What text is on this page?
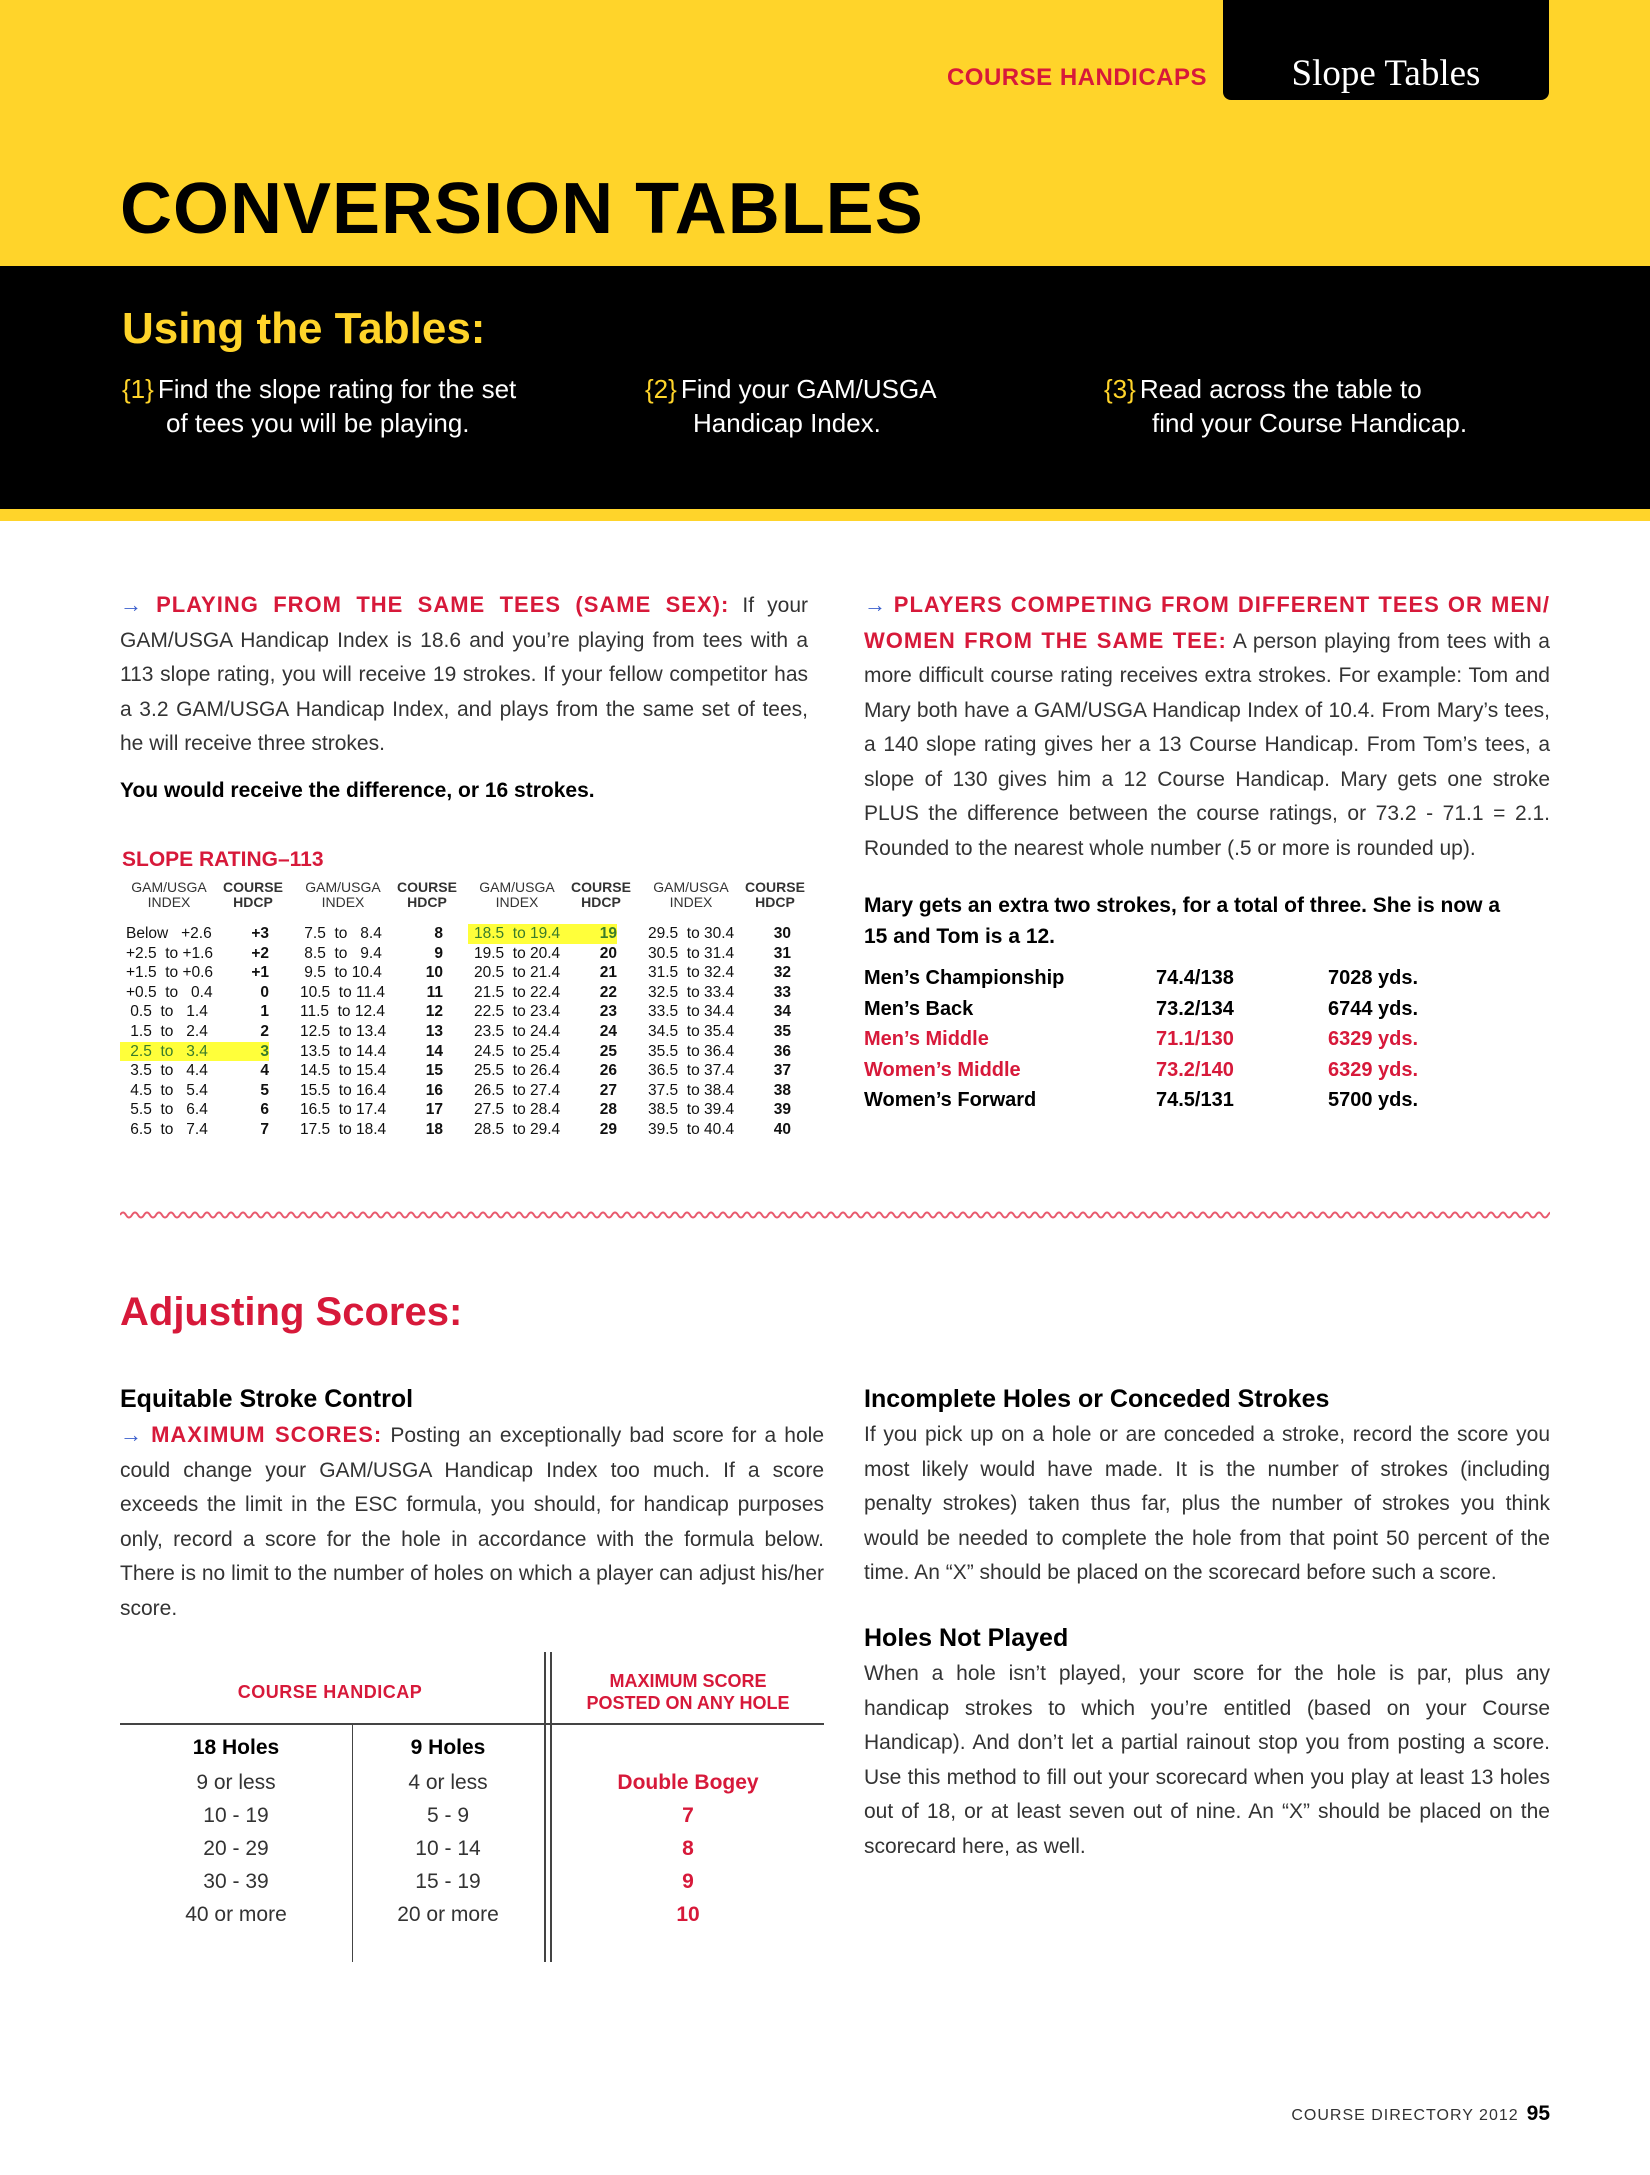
Slope Tables
COURSE HANDICAPS
CONVERSION TABLES
Using the Tables:
{1} Find the slope rating for the set
of tees you will be playing.
{2} Find your GAM/USGA
Handicap Index.
{3} Read across the table to
find your Course Handicap.
→ PLAYING FROM THE SAME TEES (SAME SEX): If your GAM/USGA Handicap Index is 18.6 and you’re playing from tees with a 113 slope rating, you will receive 19 strokes. If your fellow competitor has a 3.2 GAM/USGA Handicap Index, and plays from the same set of tees, he will receive three strokes.
You would receive the difference, or 16 strokes.
SLOPE RATING–113
GAM/USGA
INDEX
COURSE
HDCP
Below   +2.6	+3
+2.5  to +1.6 +2
+1.5  to +0.6 +1
+0.5  to   0.4	0
0.5  to   1.4	1
1.5  to   2.4	2
2.5  to   3.4	3
3.5  to   4.4	4
4.5  to   5.4	5
5.5  to   6.4	6
6.5  to   7.4	7
GAM/USGA
INDEX
COURSE
HDCP
7.5  to   8.4	8
8.5  to   9.4	9
9.5  to 10.4	10
10.5  to 11.4	11
11.5  to 12.4	12
12.5  to 13.4	13
13.5  to 14.4	14
14.5  to 15.4	15
15.5  to 16.4	16
16.5  to 17.4	17
17.5  to 18.4	18
GAM/USGA
INDEX
COURSE
HDCP
18.5  to 19.4	19
19.5  to 20.4	20
20.5  to 21.4	21
21.5  to 22.4	22
22.5  to 23.4	23
23.5  to 24.4	24
24.5  to 25.4	25
25.5  to 26.4	26
26.5  to 27.4	27
27.5  to 28.4	28
28.5  to 29.4	29
GAM/USGA
INDEX
COURSE
HDCP
29.5  to 30.4	30
30.5  to 31.4	31
31.5  to 32.4	32
32.5  to 33.4	33
33.5  to 34.4	34
34.5  to 35.4	35
35.5  to 36.4	36
36.5  to 37.4	37
37.5  to 38.4	38
38.5  to 39.4	39
39.5  to 40.4	40
→ PLAYERS COMPETING FROM DIFFERENT TEES OR MEN/ WOMEN FROM THE SAME TEE: A person playing from tees with a more difficult course rating receives extra strokes. For example: Tom and Mary both have a GAM/USGA Handicap Index of 10.4. From Mary’s tees, a 140 slope rating gives her a 13 Course Handicap. From Tom’s tees, a slope of 130 gives him a 12 Course Handicap. Mary gets one stroke PLUS the difference between the course ratings, or 73.2 - 71.1 = 2.1. Rounded to the nearest whole number (.5 or more is rounded up).
Mary gets an extra two strokes, for a total of three. She is now a 15 and Tom is a 12.
Men’s Championship	74.4/138	7028 yds.
Men’s Back	73.2/134	6744 yds.
Men’s Middle	71.1/130	6329 yds.
Women’s Middle	73.2/140	6329 yds.
Women’s Forward	74.5/131	5700 yds.
Adjusting Scores:
Equitable Stroke Control
→ MAXIMUM SCORES: Posting an exceptionally bad score for a hole could change your GAM/USGA Handicap Index too much. If a score exceeds the limit in the ESC formula, you should, for handicap purposes only, record a score for the hole in accordance with the formula below. There is no limit to the number of holes on which a player can adjust his/her score.
COURSE HANDICAP
MAXIMUM SCORE
POSTED ON ANY HOLE
18 Holes	9 Holes
9 or less	4 or less	Double Bogey
10 - 19	5 - 9	7
20 - 29	10 - 14	8
30 - 39	15 - 19	9
40 or more	20 or more	10
Incomplete Holes or Conceded Strokes
If you pick up on a hole or are conceded a stroke, record the score you most likely would have made. It is the number of strokes (including penalty strokes) taken thus far, plus the number of strokes you think would be needed to complete the hole from that point 50 percent of the time. An “X” should be placed on the scorecard before such a score.
Holes Not Played
When a hole isn’t played, your score for the hole is par, plus any handicap strokes to which you’re entitled (based on your Course Handicap). And don’t let a partial rainout stop you from posting a score. Use this method to fill out your scorecard when you play at least 13 holes out of 18, or at least seven out of nine. An “X” should be placed on the scorecard here, as well.
COURSE DIRECTORY 2012 95
